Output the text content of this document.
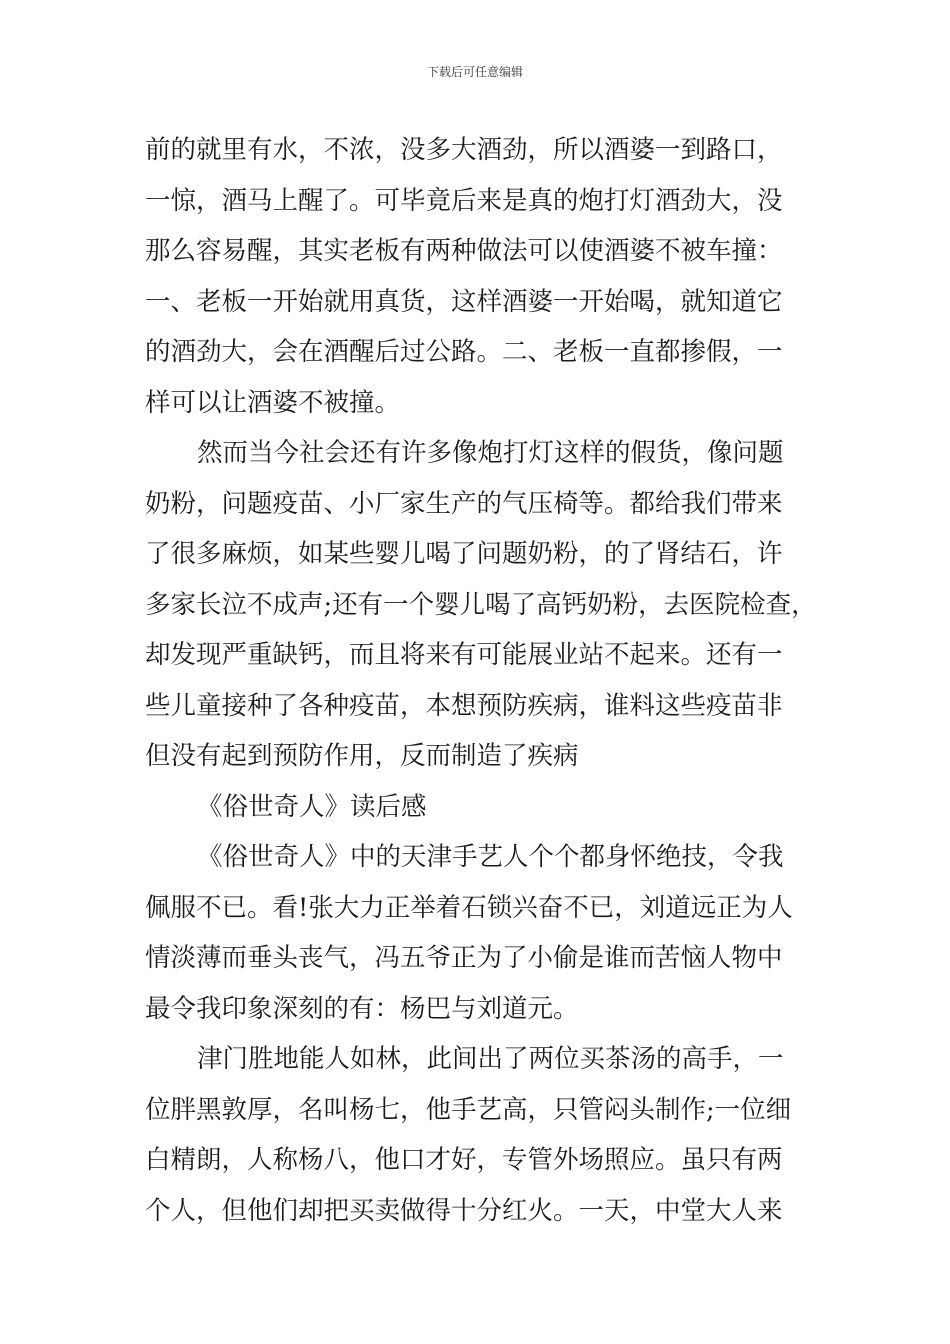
下载后可任意编辑
前的就里有水，不浓，没多大酒劲，所以酒婆一到路口，
一惊，酒马上醒了。可毕竟后来是真的炮打灯酒劲大，没
那么容易醒，其实老板有两种做法可以使酒婆不被车撞：
一、老板一开始就用真货，这样酒婆一开始喝，就知道它
的酒劲大，会在酒醒后过公路。二、老板一直都掺假，一
样可以让酒婆不被撞。
然而当今社会还有许多像炮打灯这样的假货，像问题
奶粉，问题疫苗、小厂家生产的气压椅等。都给我们带来
了很多麻烦，如某些婴儿喝了问题奶粉，的了肾结石，许
多家长泣不成声;还有一个婴儿喝了高钙奶粉，去医院检查，
却发现严重缺钙，而且将来有可能展业站不起来。还有一
些儿童接种了各种疫苗，本想预防疾病，谁料这些疫苗非
但没有起到预防作用，反而制造了疾病
《俗世奇人》读后感
《俗世奇人》中的天津手艺人个个都身怀绝技，令我
佩服不已。看!张大力正举着石锁兴奋不已，刘道远正为人
情淡薄而垂头丧气，冯五爷正为了小偷是谁而苦恼人物中
最令我印象深刻的有：杨巴与刘道元。
津门胜地能人如林，此间出了两位买茶汤的高手，一
位胖黑敦厚，名叫杨七，他手艺高，只管闷头制作;一位细
白精朗，人称杨八，他口才好，专管外场照应。虽只有两
个人，但他们却把买卖做得十分红火。一天，中堂大人来
